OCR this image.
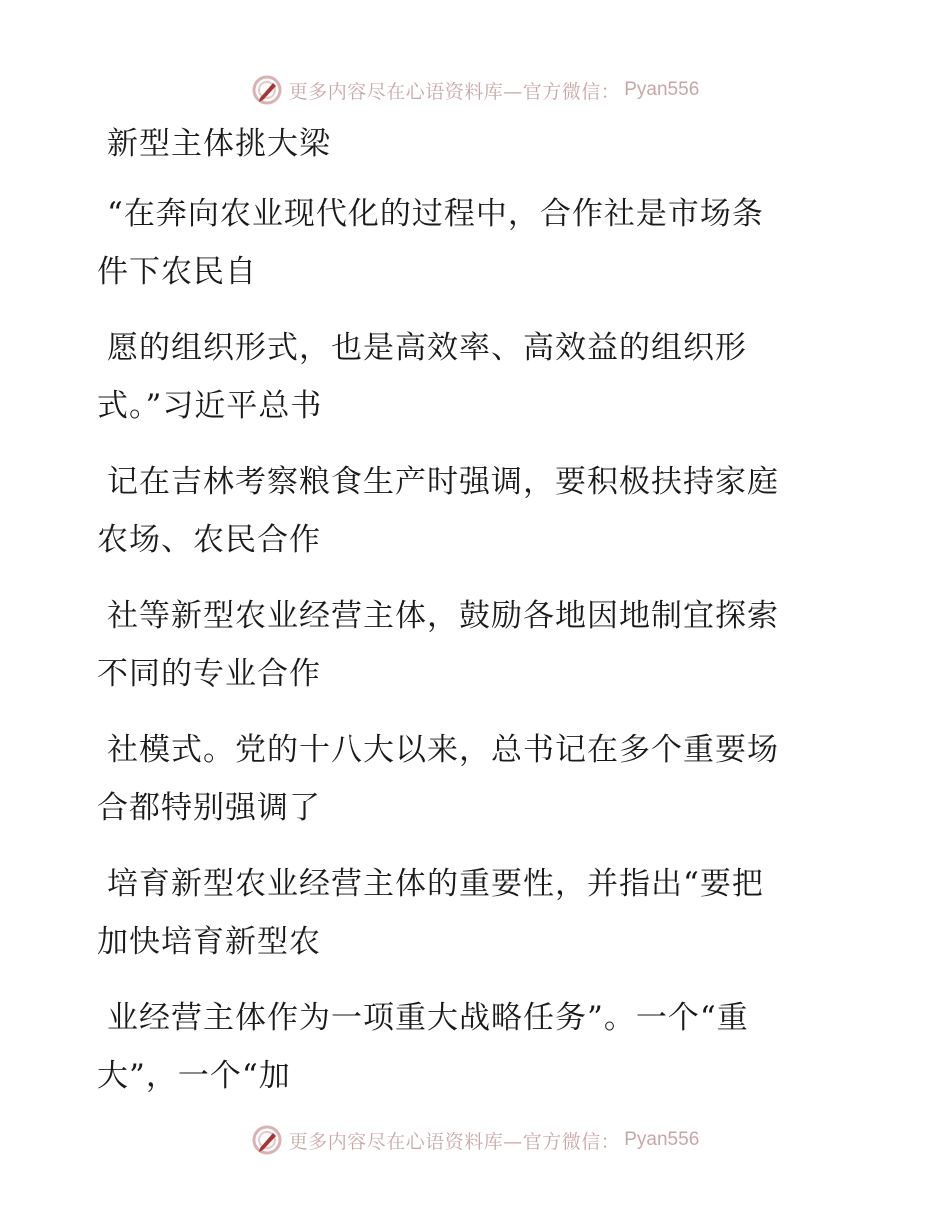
更多内容尽在心语资料库—官方微信： Pyan556
新型主体挑大梁
“在奔向农业现代化的过程中，合作社是市场条
件下农民自
愿的组织形式，也是高效率、高效益的组织形
式。”习近平总书
记在吉林考察粮食生产时强调，要积极扶持家庭
农场、农民合作
社等新型农业经营主体，鼓励各地因地制宜探索
不同的专业合作
社模式。党的十八大以来，总书记在多个重要场
合都特别强调了
培育新型农业经营主体的重要性，并指出“要把
加快培育新型农
业经营主体作为一项重大战略任务”。一个“重
大”，一个“加
更多内容尽在心语资料库—官方微信： Pyan556
